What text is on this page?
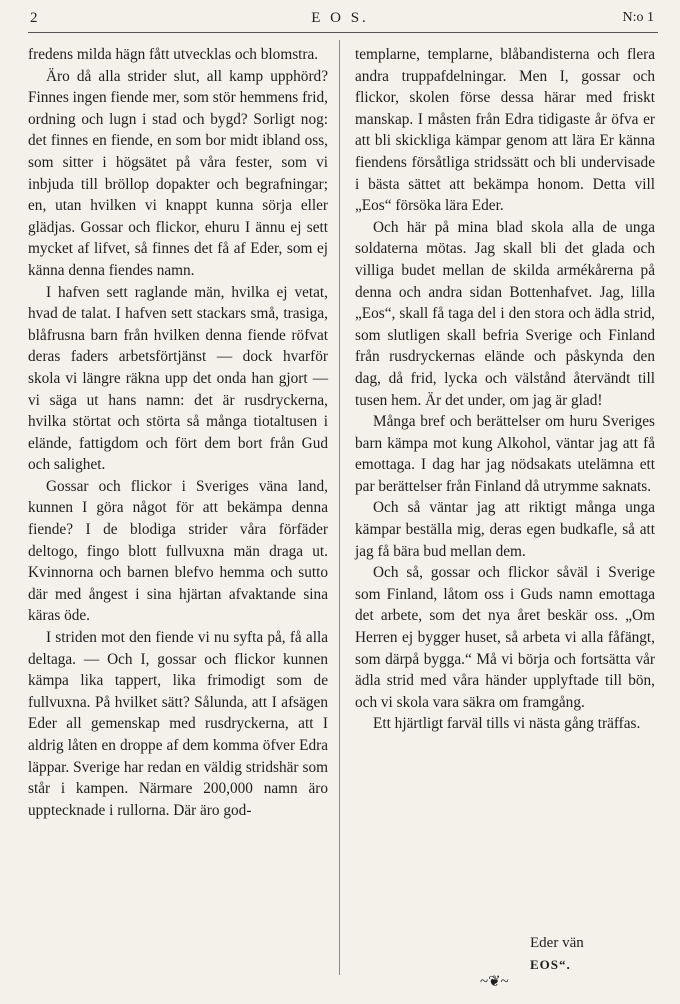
2	E O S.	N:o 1

fredens milda hägn fått utvecklas och blomstra.

Äro då alla strider slut, all kamp upphörd? Finnes ingen fiende mer, som stör hemmens frid, ordning och lugn i stad och bygd? Sorligt nog: det finnes en fiende, en som bor midt ibland oss, som sitter i högsätet på våra fester, som vi inbjuda till bröllop dopakter och begrafningar; en, utan hvilken vi knappt kunna sörja eller glädjas. Gossar och flickor, ehuru I ännu ej sett mycket af lifvet, så finnes det få af Eder, som ej känna denna fiendes namn.

I hafven sett raglande män, hvilka ej vetat, hvad de talat. I hafven sett stackars små, trasiga, blåfrusna barn från hvilken denna fiende röfvat deras faders arbetsförtjänst — dock hvarför skola vi längre räkna upp det onda han gjort — vi säga ut hans namn: det är rusdryckerna, hvilka störtat och störta så många tiotaltusen i elände, fattigdom och fört dem bort från Gud och salighet.

Gossar och flickor i Sveriges väna land, kunnen I göra något för att bekämpa denna fiende? I de blodiga strider våra förfäder deltogo, fingo blott fullvuxna män draga ut. Kvinnorna och barnen blefvo hemma och sutto där med ångest i sina hjärtan afvaktande sina käras öde.

I striden mot den fiende vi nu syfta på, få alla deltaga. — Och I, gossar och flickor kunnen kämpa lika tappert, lika frimodigt som de fullvuxna. På hvilket sätt? Sålunda, att I afsägen Eder all gemenskap med rusdryckerna, att I aldrig låten en droppe af dem komma öfver Edra läppar. Sverige har redan en väldig stridshär som står i kampen. Närmare 200,000 namn äro upptecknade i rullorna. Där äro god-

templarne, templarne, blåbandisterna och flera andra truppafdelningar. Men I, gossar och flickor, skolen förse dessa härar med friskt manskap. I måsten från Edra tidigaste år öfva er att bli skickliga kämpar genom att lära Er känna fiendens försåtliga stridssätt och bli undervisade i bästa sättet att bekämpa honom. Detta vill „Eos“ försöka lära Eder.

Och här på mina blad skola alla de unga soldaterna mötas. Jag skall bli det glada och villiga budet mellan de skilda armékårerna på denna och andra sidan Bottenhafvet. Jag, lilla „Eos“, skall få taga del i den stora och ädla strid, som slutligen skall befria Sverige och Finland från rusdryckernas elände och påskynda den dag, då frid, lycka och välstånd återvändt till tusen hem. Är det under, om jag är glad!

Många bref och berättelser om huru Sveriges barn kämpa mot kung Alkohol, väntar jag att få emottaga. I dag har jag nödsakats utelämna ett par berättelser från Finland då utrymme saknats.

Och så väntar jag att riktigt många unga kämpar beställa mig, deras egen budkafle, så att jag få bära bud mellan dem.

Och så, gossar och flickor såväl i Sverige som Finland, låtom oss i Guds namn emottaga det arbete, som det nya året beskär oss. „Om Herren ej bygger huset, så arbeta vi alla fåfängt, som därpå bygga.“ Må vi börja och fortsätta vår ädla strid med våra händer upplyftade till bön, och vi skola vara säkra om framgång.

Ett hjärtligt farväl tills vi nästa gång träffas.

Eder vän
EOS“.
~❦~
